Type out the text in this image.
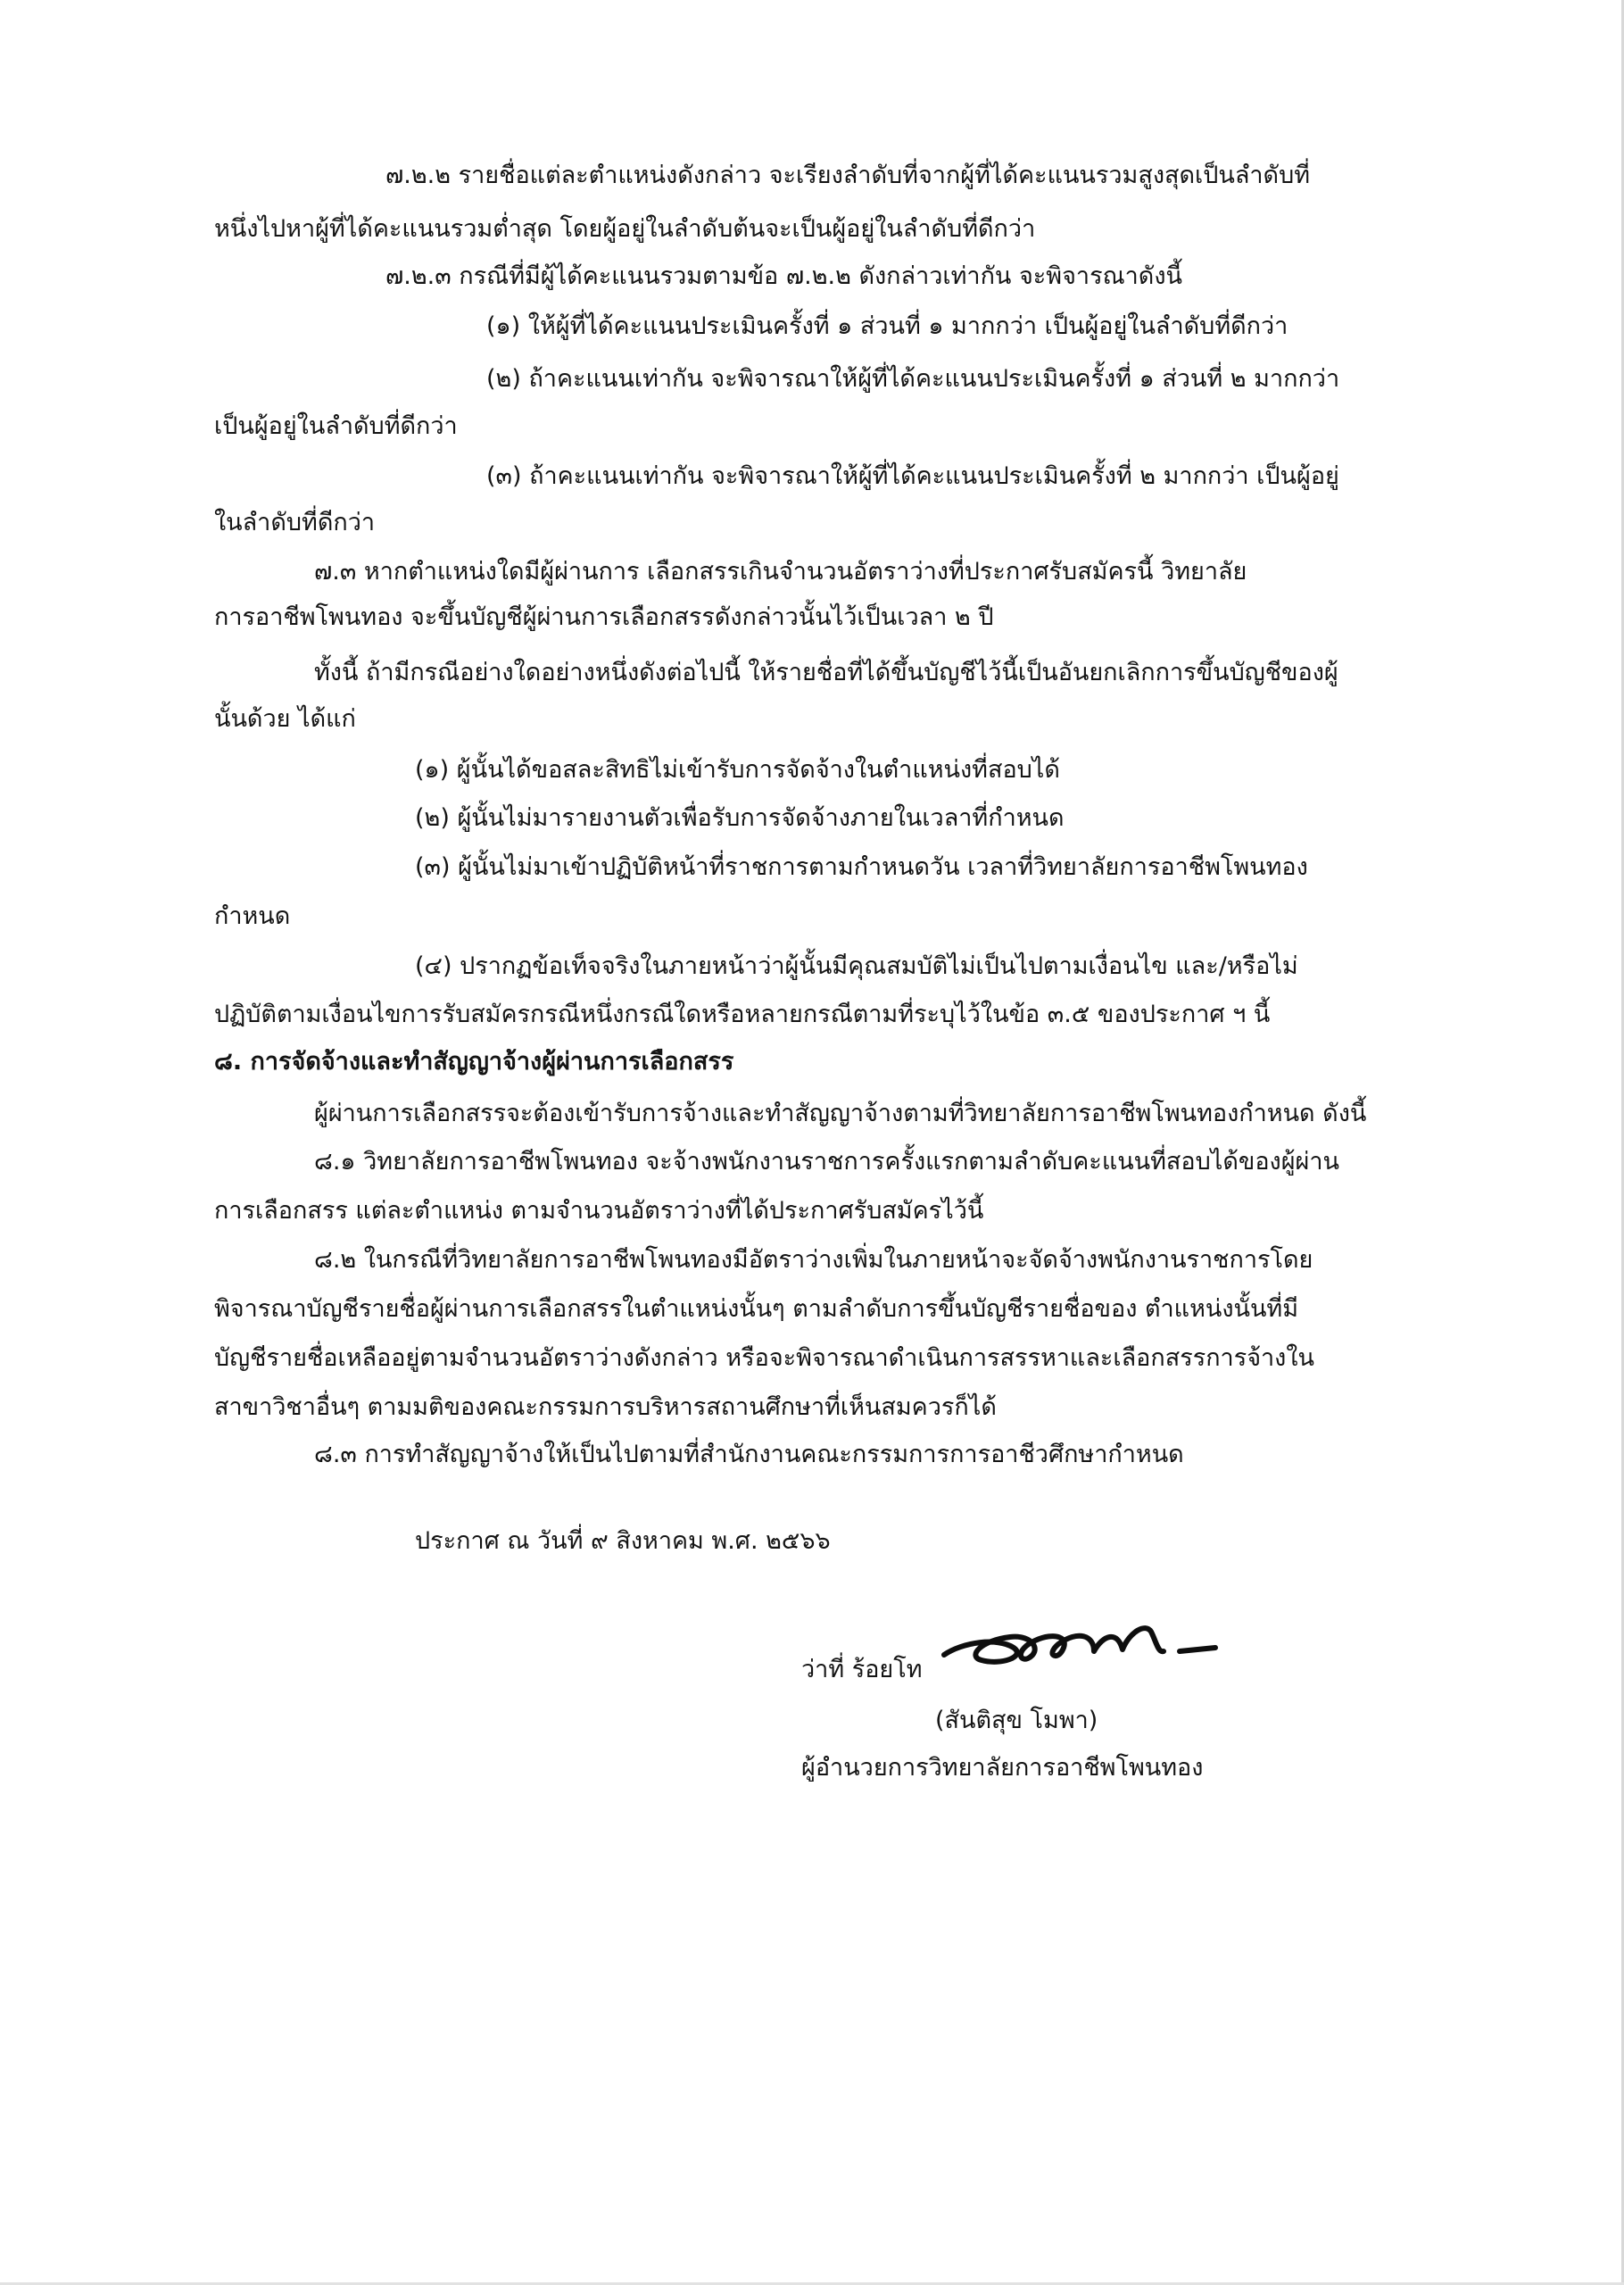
๗.๒.๒ รายชื่อแต่ละตำแหน่งดังกล่าว จะเรียงลำดับที่จากผู้ที่ได้คะแนนรวมสูงสุดเป็นลำดับที่

หนึ่งไปหาผู้ที่ได้คะแนนรวมต่ำสุด โดยผู้อยู่ในลำดับต้นจะเป็นผู้อยู่ในลำดับที่ดีกว่า

๗.๒.๓ กรณีที่มีผู้ได้คะแนนรวมตามข้อ ๗.๒.๒ ดังกล่าวเท่ากัน จะพิจารณาดังนี้

(๑) ให้ผู้ที่ได้คะแนนประเมินครั้งที่ ๑ ส่วนที่ ๑ มากกว่า เป็นผู้อยู่ในลำดับที่ดีกว่า

(๒) ถ้าคะแนนเท่ากัน จะพิจารณาให้ผู้ที่ได้คะแนนประเมินครั้งที่ ๑ ส่วนที่ ๒ มากกว่า

เป็นผู้อยู่ในลำดับที่ดีกว่า

(๓) ถ้าคะแนนเท่ากัน จะพิจารณาให้ผู้ที่ได้คะแนนประเมินครั้งที่ ๒ มากกว่า เป็นผู้อยู่

ในลำดับที่ดีกว่า

๗.๓ หากตำแหน่งใดมีผู้ผ่านการ เลือกสรรเกินจำนวนอัตราว่างที่ประกาศรับสมัครนี้ วิทยาลัย

การอาชีพโพนทอง จะขึ้นบัญชีผู้ผ่านการเลือกสรรดังกล่าวนั้นไว้เป็นเวลา ๒ ปี

ทั้งนี้ ถ้ามีกรณีอย่างใดอย่างหนึ่งดังต่อไปนี้ ให้รายชื่อที่ได้ขึ้นบัญชีไว้นี้เป็นอันยกเลิกการขึ้นบัญชีของผู้

นั้นด้วย ได้แก่

(๑) ผู้นั้นได้ขอสละสิทธิไม่เข้ารับการจัดจ้างในตำแหน่งที่สอบได้

(๒) ผู้นั้นไม่มารายงานตัวเพื่อรับการจัดจ้างภายในเวลาที่กำหนด

(๓) ผู้นั้นไม่มาเข้าปฏิบัติหน้าที่ราชการตามกำหนดวัน เวลาที่วิทยาลัยการอาชีพโพนทอง

กำหนด

(๔) ปรากฏข้อเท็จจริงในภายหน้าว่าผู้นั้นมีคุณสมบัติไม่เป็นไปตามเงื่อนไข และ/หรือไม่

ปฏิบัติตามเงื่อนไขการรับสมัครกรณีหนึ่งกรณีใดหรือหลายกรณีตามที่ระบุไว้ในข้อ ๓.๕ ของประกาศ ฯ นี้

๘. การจัดจ้างและทำสัญญาจ้างผู้ผ่านการเลือกสรร

ผู้ผ่านการเลือกสรรจะต้องเข้ารับการจ้างและทำสัญญาจ้างตามที่วิทยาลัยการอาชีพโพนทองกำหนด ดังนี้

๘.๑ วิทยาลัยการอาชีพโพนทอง จะจ้างพนักงานราชการครั้งแรกตามลำดับคะแนนที่สอบได้ของผู้ผ่าน

การเลือกสรร แต่ละตำแหน่ง ตามจำนวนอัตราว่างที่ได้ประกาศรับสมัครไว้นี้

๘.๒ ในกรณีที่วิทยาลัยการอาชีพโพนทองมีอัตราว่างเพิ่มในภายหน้าจะจัดจ้างพนักงานราชการโดย

พิจารณาบัญชีรายชื่อผู้ผ่านการเลือกสรรในตำแหน่งนั้นๆ ตามลำดับการขึ้นบัญชีรายชื่อของ ตำแหน่งนั้นที่มี

บัญชีรายชื่อเหลืออยู่ตามจำนวนอัตราว่างดังกล่าว หรือจะพิจารณาดำเนินการสรรหาและเลือกสรรการจ้างใน

สาขาวิชาอื่นๆ ตามมติของคณะกรรมการบริหารสถานศึกษาที่เห็นสมควรก็ได้

๘.๓ การทำสัญญาจ้างให้เป็นไปตามที่สำนักงานคณะกรรมการการอาชีวศึกษากำหนด

ประกาศ ณ วันที่ ๙ สิงหาคม พ.ศ. ๒๕๖๖

ว่าที่ ร้อยโท

(สันติสุข โมพา)

ผู้อำนวยการวิทยาลัยการอาชีพโพนทอง
